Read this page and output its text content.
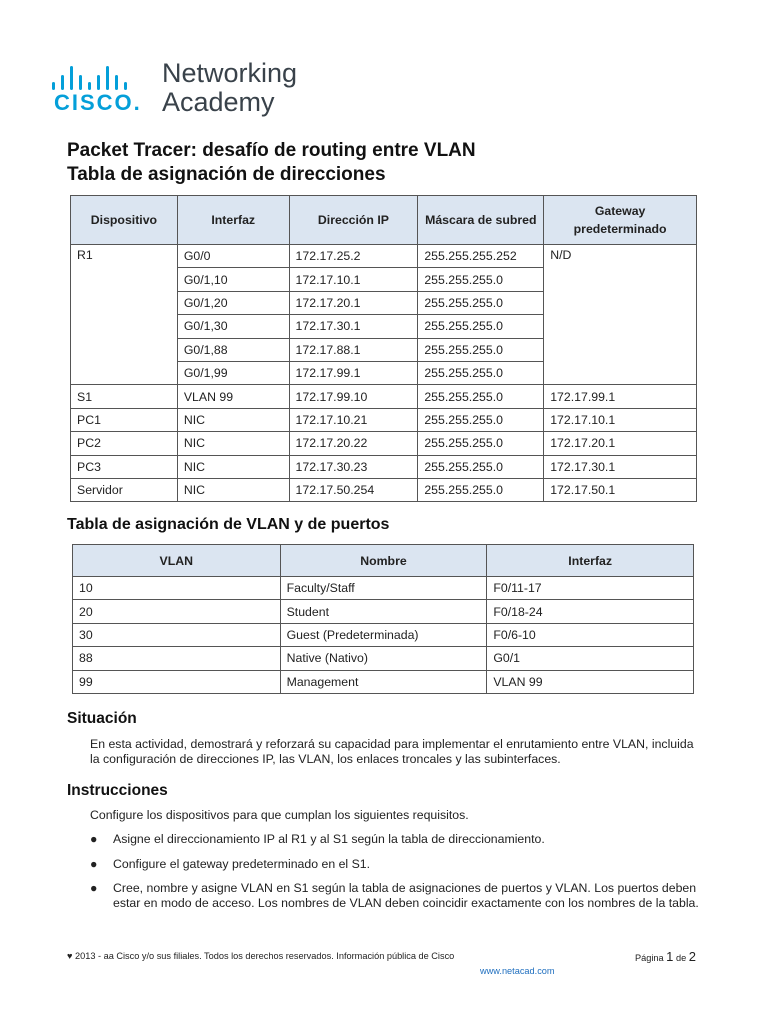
CISCO.
Networking
Academy
Packet Tracer: desafío de routing entre VLAN
Tabla de asignación de direcciones
Dispositivo	Interfaz	Dirección IP	Máscara de subred	Gateway predeterminado
R1	G0/0	172.17.25.2	255.255.255.252	N/D
	G0/1,10	172.17.10.1	255.255.255.0	
	G0/1,20	172.17.20.1	255.255.255.0	
	G0/1,30	172.17.30.1	255.255.255.0	
	G0/1,88	172.17.88.1	255.255.255.0	
	G0/1,99	172.17.99.1	255.255.255.0	
S1	VLAN 99	172.17.99.10	255.255.255.0	172.17.99.1
PC1	NIC	172.17.10.21	255.255.255.0	172.17.10.1
PC2	NIC	172.17.20.22	255.255.255.0	172.17.20.1
PC3	NIC	172.17.30.23	255.255.255.0	172.17.30.1
Servidor	NIC	172.17.50.254	255.255.255.0	172.17.50.1
Tabla de asignación de VLAN y de puertos
VLAN	Nombre	Interfaz
10	Faculty/Staff	F0/11-17
20	Student	F0/18-24
30	Guest (Predeterminada)	F0/6-10
88	Native (Nativo)	G0/1
99	Management	VLAN 99
Situación
En esta actividad, demostrará y reforzará su capacidad para implementar el enrutamiento entre VLAN, incluida la configuración de direcciones IP, las VLAN, los enlaces troncales y las subinterfaces.
Instrucciones
Configure los dispositivos para que cumplan los siguientes requisitos.
● Asigne el direccionamiento IP al R1 y al S1 según la tabla de direccionamiento.
● Configure el gateway predeterminado en el S1.
● Cree, nombre y asigne VLAN en S1 según la tabla de asignaciones de puertos y VLAN. Los puertos deben estar en modo de acceso. Los nombres de VLAN deben coincidir exactamente con los nombres de la tabla.
♥ 2013 - aa Cisco y/o sus filiales. Todos los derechos reservados. Información pública de Cisco
www.netacad.com
Página 1 de 2
